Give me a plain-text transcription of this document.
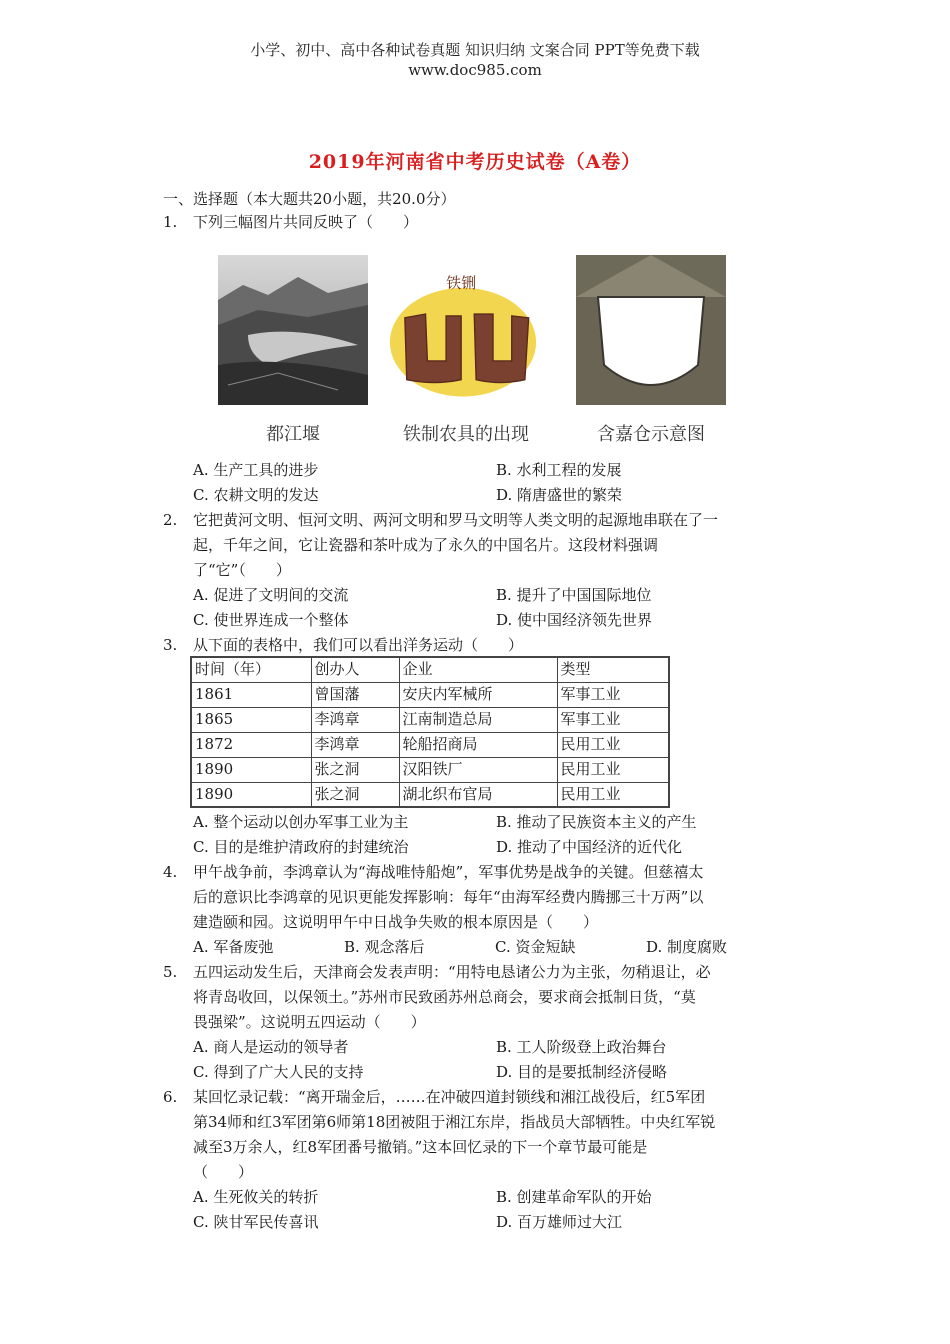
小学、初中、高中各种试卷真题 知识归纳 文案合同 PPT等免费下载
www.doc985.com
2019年河南省中考历史试卷（A卷）
一、选择题（本大题共20小题，共20.0分）
1. 下列三幅图片共同反映了（　　）
铁铏
都江堰	铁制农具的出现	含嘉仓示意图
A. 生产工具的进步	B. 水利工程的发展
C. 农耕文明的发达	D. 隋唐盛世的繁荣
2. 它把黄河文明、恒河文明、两河文明和罗马文明等人类文明的起源地串联在了一
起，千年之间，它让瓷器和茶叶成为了永久的中国名片。这段材料强调
了“它”（　　）
A. 促进了文明间的交流	B. 提升了中国国际地位
C. 使世界连成一个整体	D. 使中国经济领先世界
3. 从下面的表格中，我们可以看出洋务运动（　　）
时间（年）	创办人	企业	类型
1861	曾国藩	安庆内军械所	军事工业
1865	李鸿章	江南制造总局	军事工业
1872	李鸿章	轮船招商局	民用工业
1890	张之洞	汉阳铁厂	民用工业
1890	张之洞	湖北织布官局	民用工业
A. 整个运动以创办军事工业为主	B. 推动了民族资本主义的产生
C. 目的是维护清政府的封建统治	D. 推动了中国经济的近代化
4. 甲午战争前，李鸿章认为“海战唯恃船炮”，军事优势是战争的关键。但慈禧太
后的意识比李鸿章的见识更能发挥影响：每年“由海军经费内腾挪三十万两”以
建造颐和园。这说明甲午中日战争失败的根本原因是（　　）
A. 军备废弛	B. 观念落后	C. 资金短缺	D. 制度腐败
5. 五四运动发生后，天津商会发表声明：“用特电恳诸公力为主张，勿稍退让，必
将青岛收回，以保领土。”苏州市民致函苏州总商会，要求商会抵制日货，“莫
畏强梁”。这说明五四运动（　　）
A. 商人是运动的领导者	B. 工人阶级登上政治舞台
C. 得到了广大人民的支持	D. 目的是要抵制经济侵略
6. 某回忆录记载：“离开瑞金后，……在冲破四道封锁线和湘江战役后，红5军团
第34师和红3军团第6师第18团被阻于湘江东岸，指战员大部牺牲。中央红军锐
减至3万余人，红8军团番号撤销。”这本回忆录的下一个章节最可能是
（　　）
A. 生死攸关的转折	B. 创建革命军队的开始
C. 陕甘军民传喜讯	D. 百万雄师过大江
